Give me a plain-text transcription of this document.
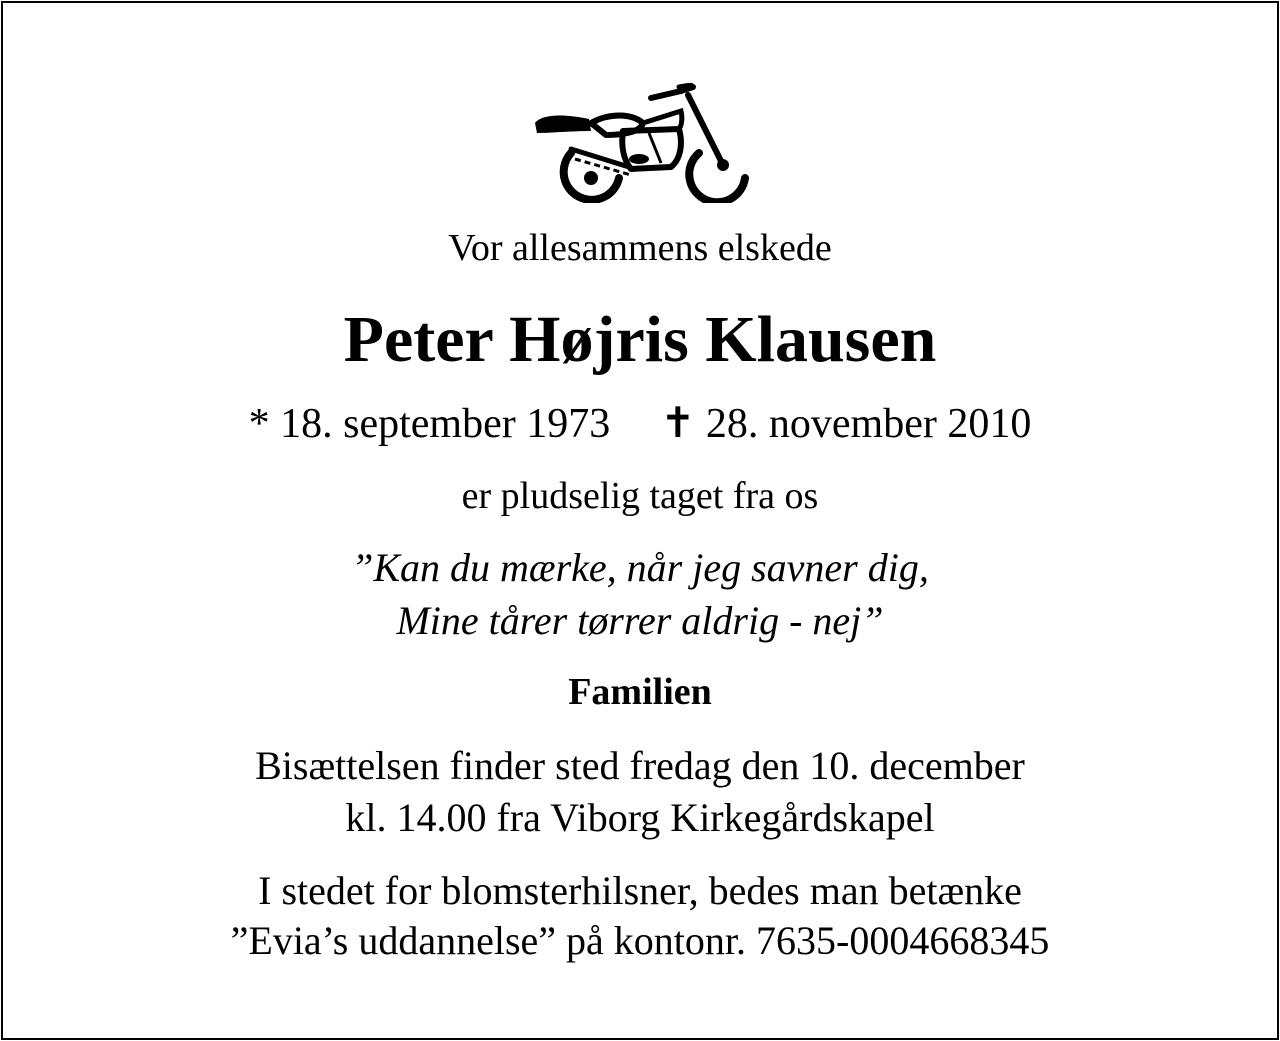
Vor allesammens elskede
Peter Højris Klausen
* 18. september 1973 ✝ 28. november 2010
er pludselig taget fra os
”Kan du mærke, når jeg savner dig,
Mine tårer tørrer aldrig - nej”
Familien
Bisættelsen finder sted fredag den 10. december
kl. 14.00 fra Viborg Kirkegårdskapel
I stedet for blomsterhilsner, bedes man betænke
”Evia’s uddannelse” på kontonr. 7635-0004668345
